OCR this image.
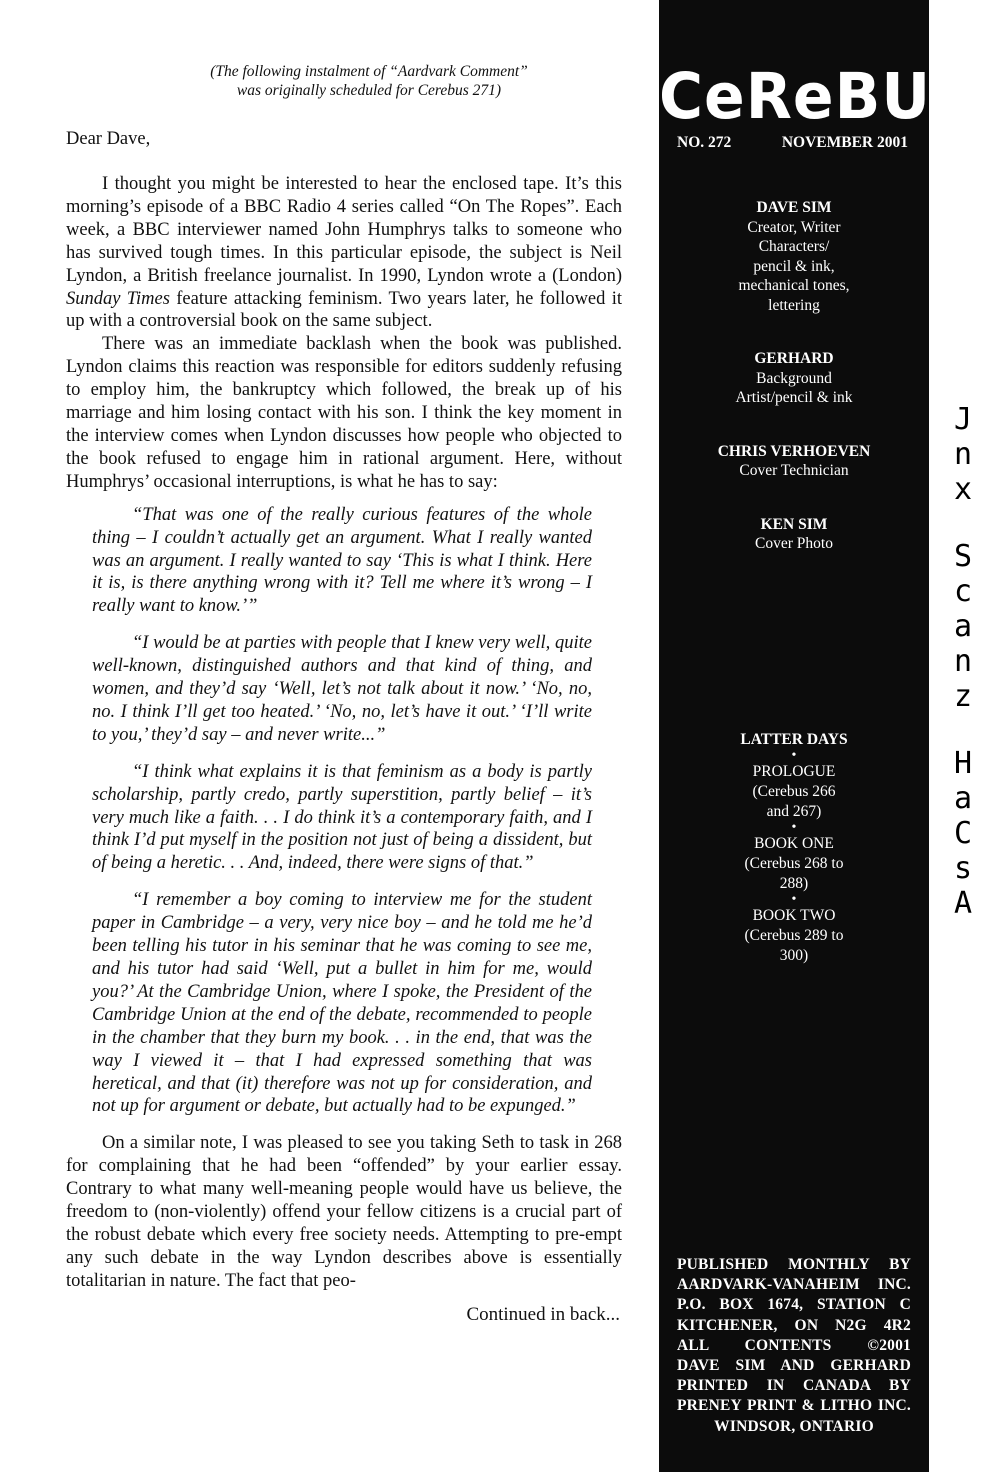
(The following instalment of “Aardvark Comment”
was originally scheduled for Cerebus 271)
Dear Dave,

I thought you might be interested to hear the enclosed tape. It’s this morning’s episode of a BBC Radio 4 series called “On The Ropes”. Each week, a BBC interviewer named John Humphrys talks to someone who has survived tough times. In this particular episode, the subject is Neil Lyndon, a British freelance journalist. In 1990, Lyndon wrote a (London) Sunday Times feature attacking feminism. Two years later, he followed it up with a controversial book on the same subject.

There was an immediate backlash when the book was published. Lyndon claims this reaction was responsible for editors suddenly refusing to employ him, the bankruptcy which followed, the break up of his marriage and him losing contact with his son. I think the key moment in the interview comes when Lyndon discusses how people who objected to the book refused to engage him in rational argument. Here, without Humphrys’ occasional interruptions, is what he has to say:

“That was one of the really curious features of the whole thing – I couldn’t actually get an argument. What I really wanted was an argument. I really wanted to say ‘This is what I think. Here it is, is there anything wrong with it? Tell me where it’s wrong – I really want to know.’”

“I would be at parties with people that I knew very well, quite well-known, distinguished authors and that kind of thing, and women, and they’d say ‘Well, let’s not talk about it now.’ ‘No, no, no. I think I’ll get too heated.’ ‘No, no, let’s have it out.’ ‘I’ll write to you,’ they’d say – and never write...”

“I think what explains it is that feminism as a body is partly scholarship, partly credo, partly superstition, partly belief – it’s very much like a faith. . . I do think it’s a contemporary faith, and I think I’d put myself in the position not just of being a dissident, but of being a heretic. . . And, indeed, there were signs of that.”

“I remember a boy coming to interview me for the student paper in Cambridge – a very, very nice boy – and he told me he’d been telling his tutor in his seminar that he was coming to see me, and his tutor had said ‘Well, put a bullet in him for me, would you?’ At the Cambridge Union, where I spoke, the President of the Cambridge Union at the end of the debate, recommended to people in the chamber that they burn my book. . . in the end, that was the way I viewed it – that I had expressed something that was heretical, and that (it) therefore was not up for consideration, and not up for argument or debate, but actually had to be expunged.”

On a similar note, I was pleased to see you taking Seth to task in 268 for complaining that he had been “offended” by your earlier essay. Contrary to what many well-meaning people would have us believe, the freedom to (non-violently) offend your fellow citizens is a crucial part of the robust debate which every free society needs. Attempting to pre-empt any such debate in the way Lyndon describes above is essentially totalitarian in nature. The fact that peo-

Continued in back...
CeReBUS
NO. 272	NOVEMBER 2001
DAVE SIM
Creator, Writer
Characters/
pencil & ink,
mechanical tones,
lettering
GERHARD
Background
Artist/pencil & ink
CHRIS VERHOEVEN
Cover Technician
KEN SIM
Cover Photo
LATTER DAYS
•
PROLOGUE
(Cerebus 266
and 267)
•
BOOK ONE
(Cerebus 268 to
288)
•
BOOK TWO
(Cerebus 289 to
300)
PUBLISHED MONTHLY BY
AARDVARK-VANAHEIM INC.
P.O. BOX 1674, STATION C
KITCHENER, ON N2G 4R2
ALL CONTENTS ©2001
DAVE SIM AND GERHARD
PRINTED IN CANADA BY
PRENEY PRINT & LITHO INC.
WINDSOR, ONTARIO
J
n
x
S
c
a
n
z
H
a
C
s
A
